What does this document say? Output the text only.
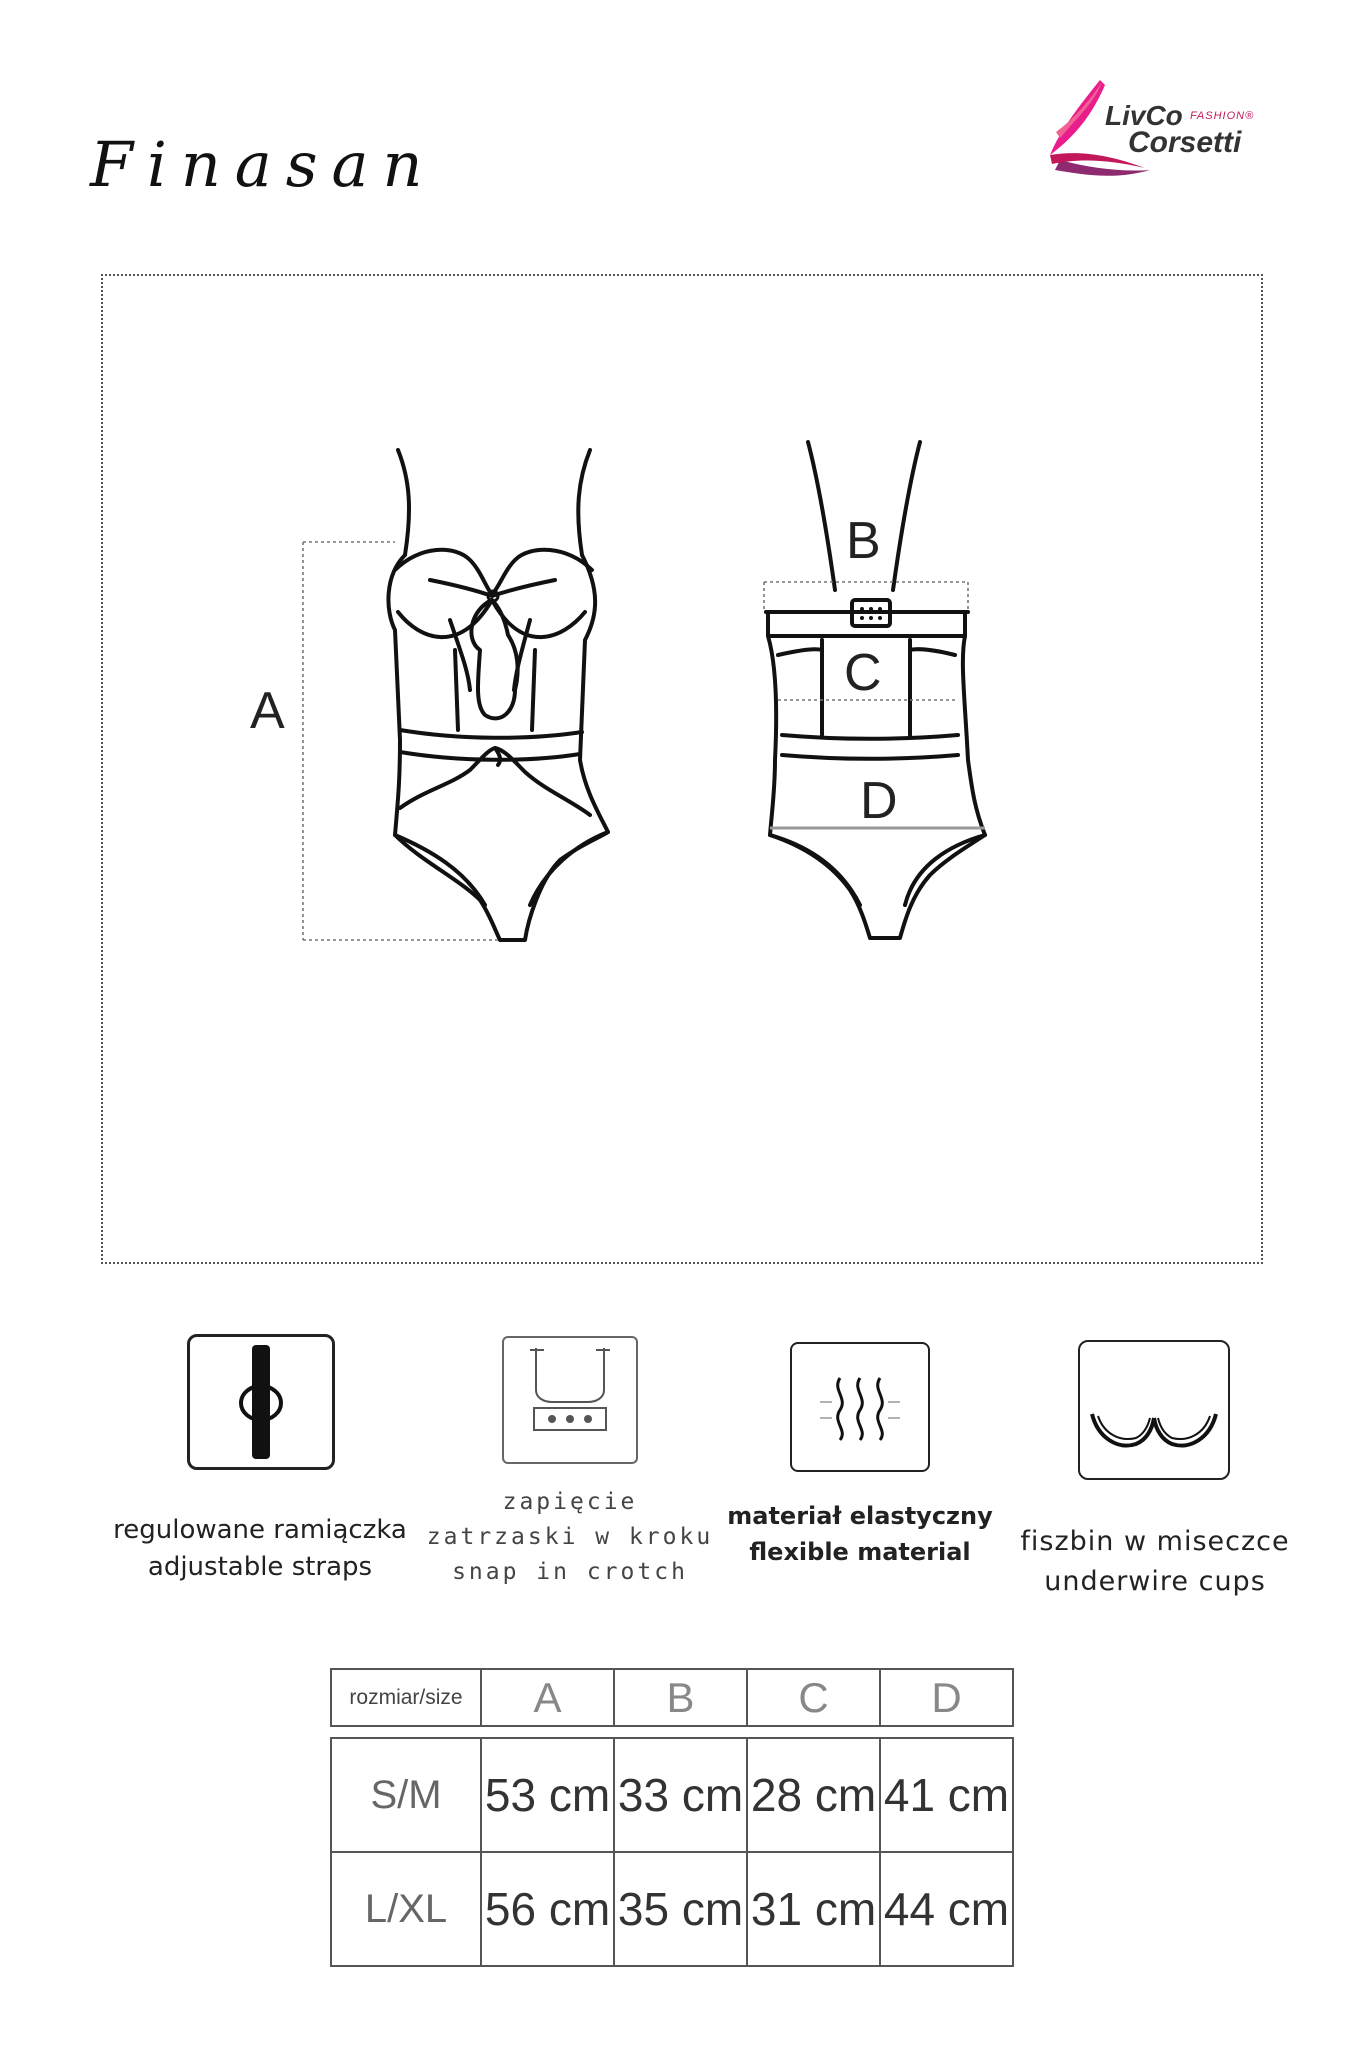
Finasan
LivCo FASHION®
Corsetti
A
B
C
D
regulowane ramiączka
adjustable straps
zapięcie
zatrzaski w kroku
snap in crotch
materiał elastyczny
flexible material	fiszbin w miseczce
underwire cups
rozmiar/size	A	B	C	D

S/M	53 cm	33 cm	28 cm	41 cm
L/XL	56 cm	35 cm	31 cm	44 cm
